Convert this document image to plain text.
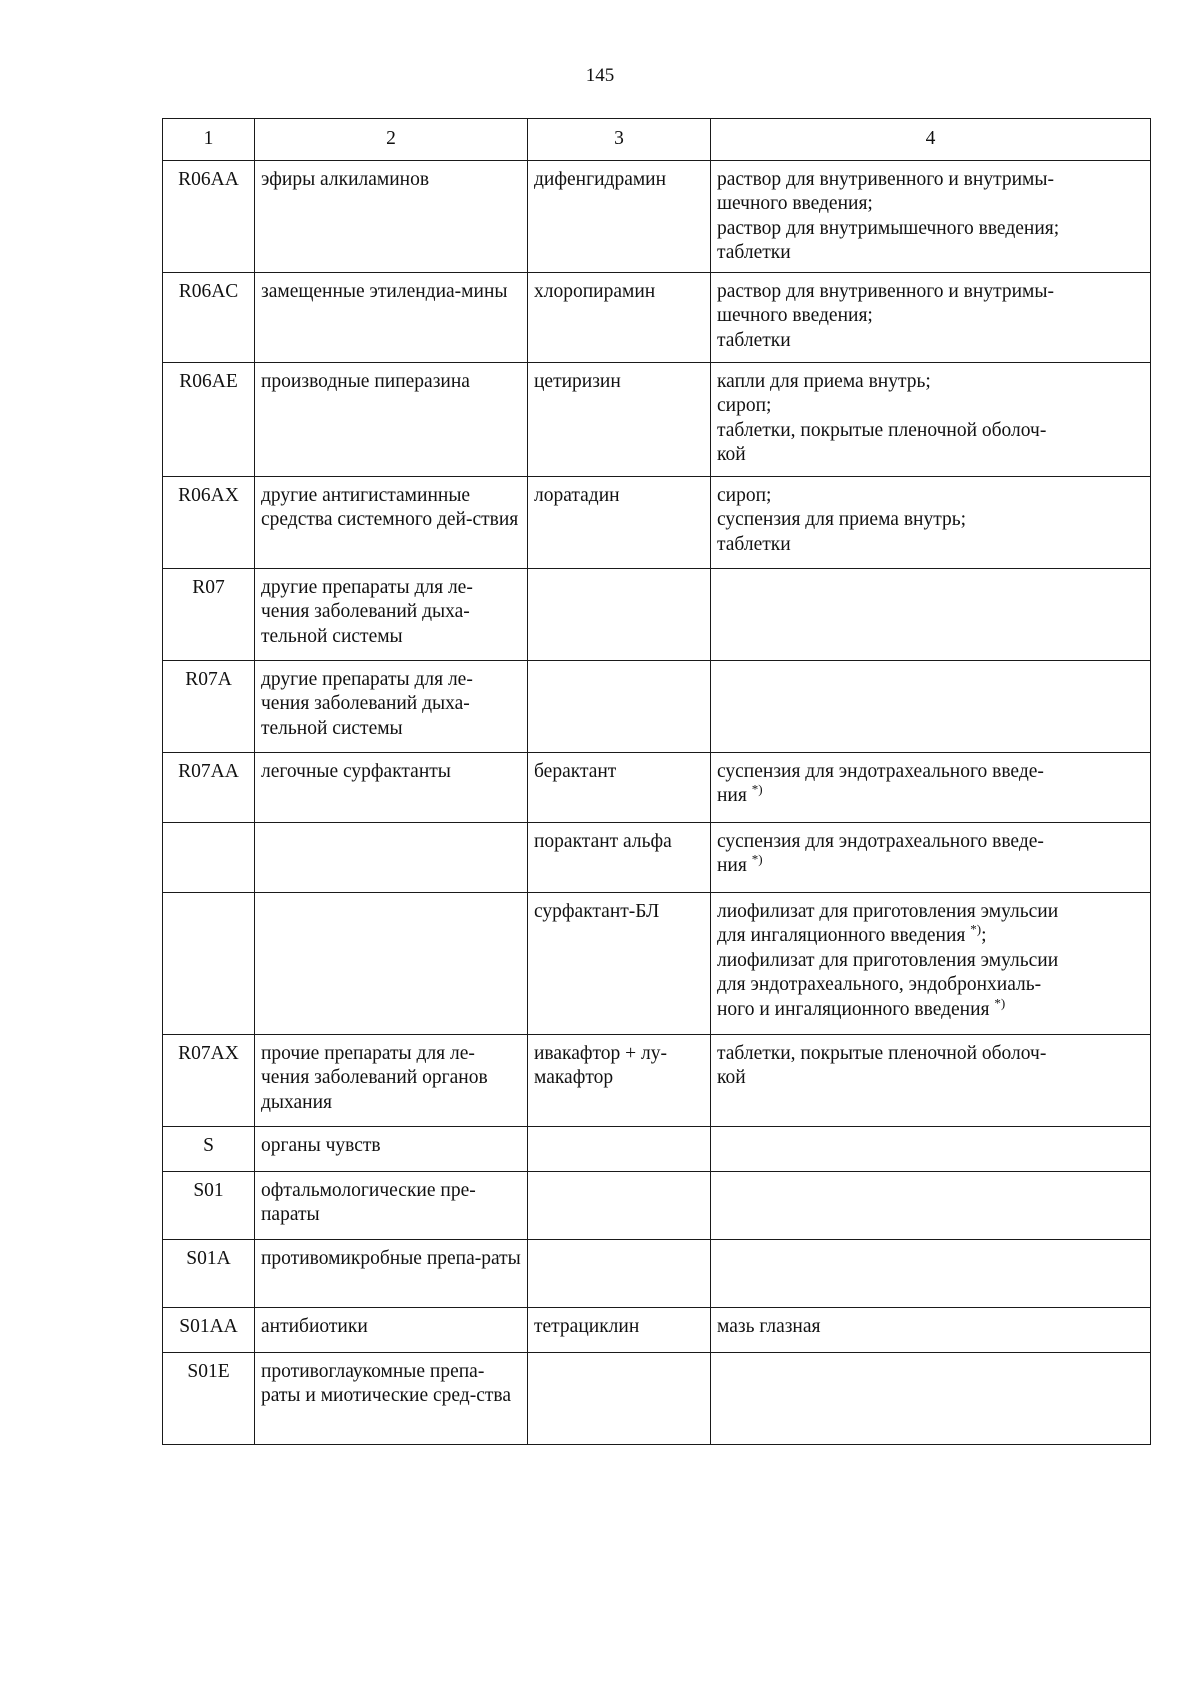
145
1	2	3	4
R06AA	эфиры алкиламинов	дифенгидрамин	раствор для внутривенного и внутримы-
шечного введения;
раствор для внутримышечного введения;
таблетки

R06AC	замещенные этилендиа-мины	хлоропирамин	раствор для внутривенного и внутримы-
шечного введения;
таблетки

R06AE	производные пиперазина	цетиризин	капли для приема внутрь;
сироп;
таблетки, покрытые пленочной оболоч-
кой

R06AX	другие антигистаминные средства системного дей-ствия	лоратадин	сироп;
суспензия для приема внутрь;
таблетки

R07	другие препараты для ле-чения заболеваний дыха-тельной системы		
R07A	другие препараты для ле-чения заболеваний дыха-тельной системы		
R07AA	легочные сурфактанты	берактант	суспензия для эндотрахеального введе-
ния *)

		порактант альфа	суспензия для эндотрахеального введе-
ния *)

		сурфактант-БЛ	лиофилизат для приготовления эмульсии
для ингаляционного введения *);
лиофилизат для приготовления эмульсии
для эндотрахеального, эндобронхиаль-
ного и ингаляционного введения *)

R07AX	прочие препараты для ле-чения заболеваний органов дыхания	ивакафтор + лу-макафтор	таблетки, покрытые пленочной оболоч-
кой

S	органы чувств		
S01	офтальмологические пре-параты		
S01A	противомикробные препа-раты		
S01AA	антибиотики	тетрациклин	мазь глазная

S01E	противоглаукомные препа-раты и миотические сред-ства		
